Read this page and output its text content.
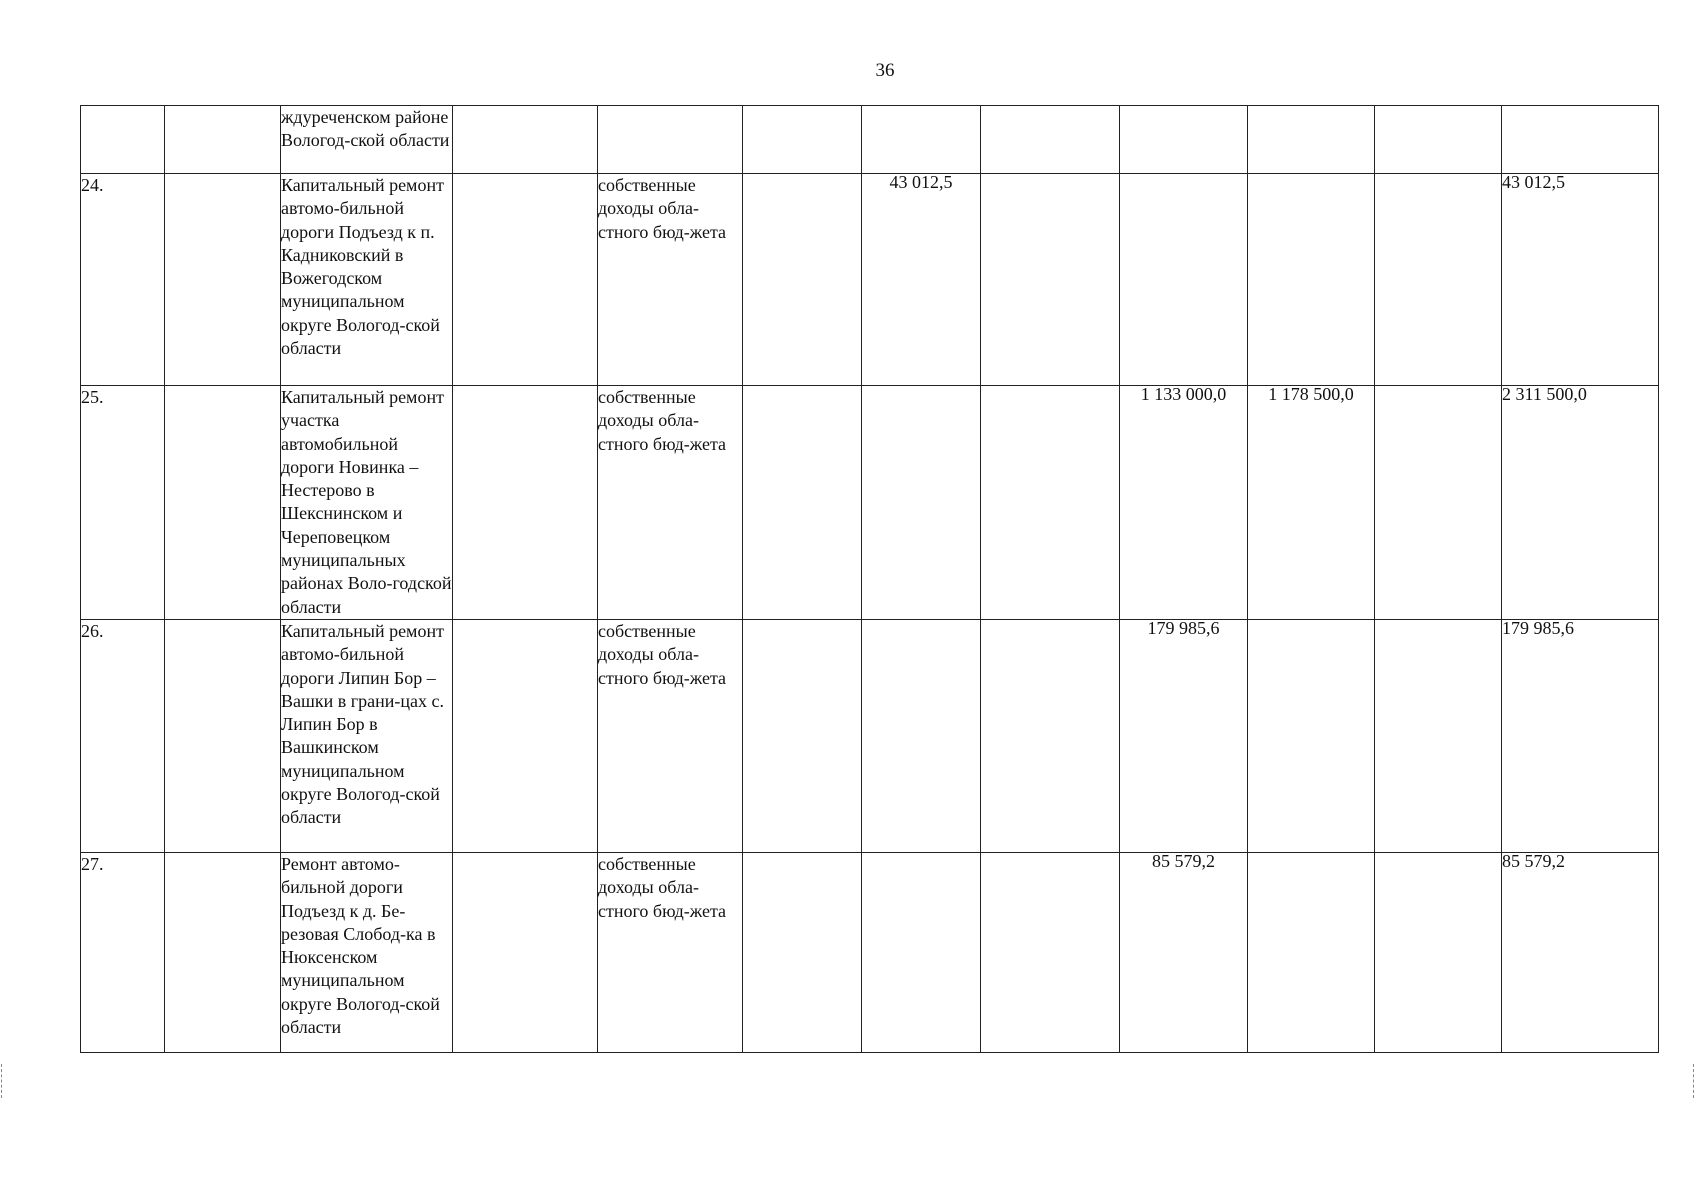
36
		ждуреченском районе Вологод-ской области									
24.		Капитальный ремонт автомо-бильной дороги Подъезд к п. Кадниковский в Вожегодском муниципальном округе Вологод-ской области		собственные доходы обла-стного бюд-жета		43 012,5					43 012,5
25.		Капитальный ремонт участка автомобильной дороги Новинка – Нестерово в Шекснинском и Череповецком муниципальных районах Воло-годской области		собственные доходы обла-стного бюд-жета				1 133 000,0	1 178 500,0		2 311 500,0
26.		Капитальный ремонт автомо-бильной дороги Липин Бор – Вашки в грани-цах с. Липин Бор в Вашкинском муниципальном округе Вологод-ской области		собственные доходы обла-стного бюд-жета				179 985,6			179 985,6
27.		Ремонт автомо-бильной дороги Подъезд к д. Бе-резовая Слобод-ка в Нюксенском муниципальном округе Вологод-ской области		собственные доходы обла-стного бюд-жета				85 579,2			85 579,2
